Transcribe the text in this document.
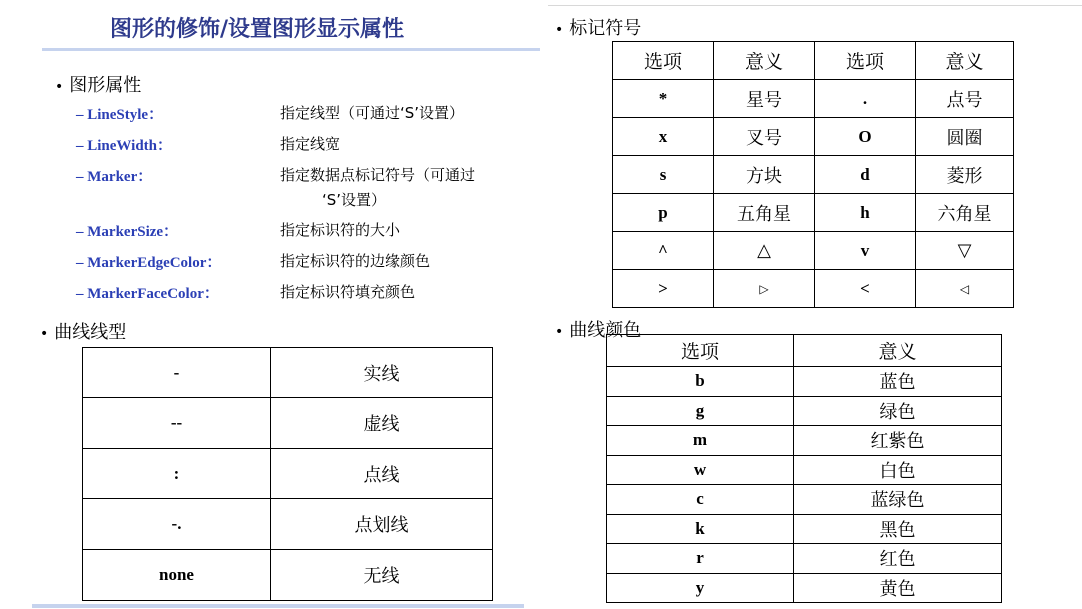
图形的修饰/设置图形显示属性
• 图形属性
– LineStyle：	指定线型（可通过‘S’设置）
– LineWidth：	指定线宽
– Marker：	指定数据点标记符号（可通过
‘S’设置）
– MarkerSize：	指定标识符的大小
– MarkerEdgeColor：	指定标识符的边缘颜色
– MarkerFaceColor：	指定标识符填充颜色
• 曲线线型
-	实线
--	虚线
:	点线
-.	点划线
none	无线
• 标记符号
选项	意义	选项	意义
*	星号	.	点号
x	叉号	O	圆圈
s	方块	d	菱形
p	五角星	h	六角星
^	△	v	▽
>	▷	<	◁
• 曲线颜色
选项	意义
b	蓝色
g	绿色
m	红紫色
w	白色
c	蓝绿色
k	黑色
r	红色
y	黄色
